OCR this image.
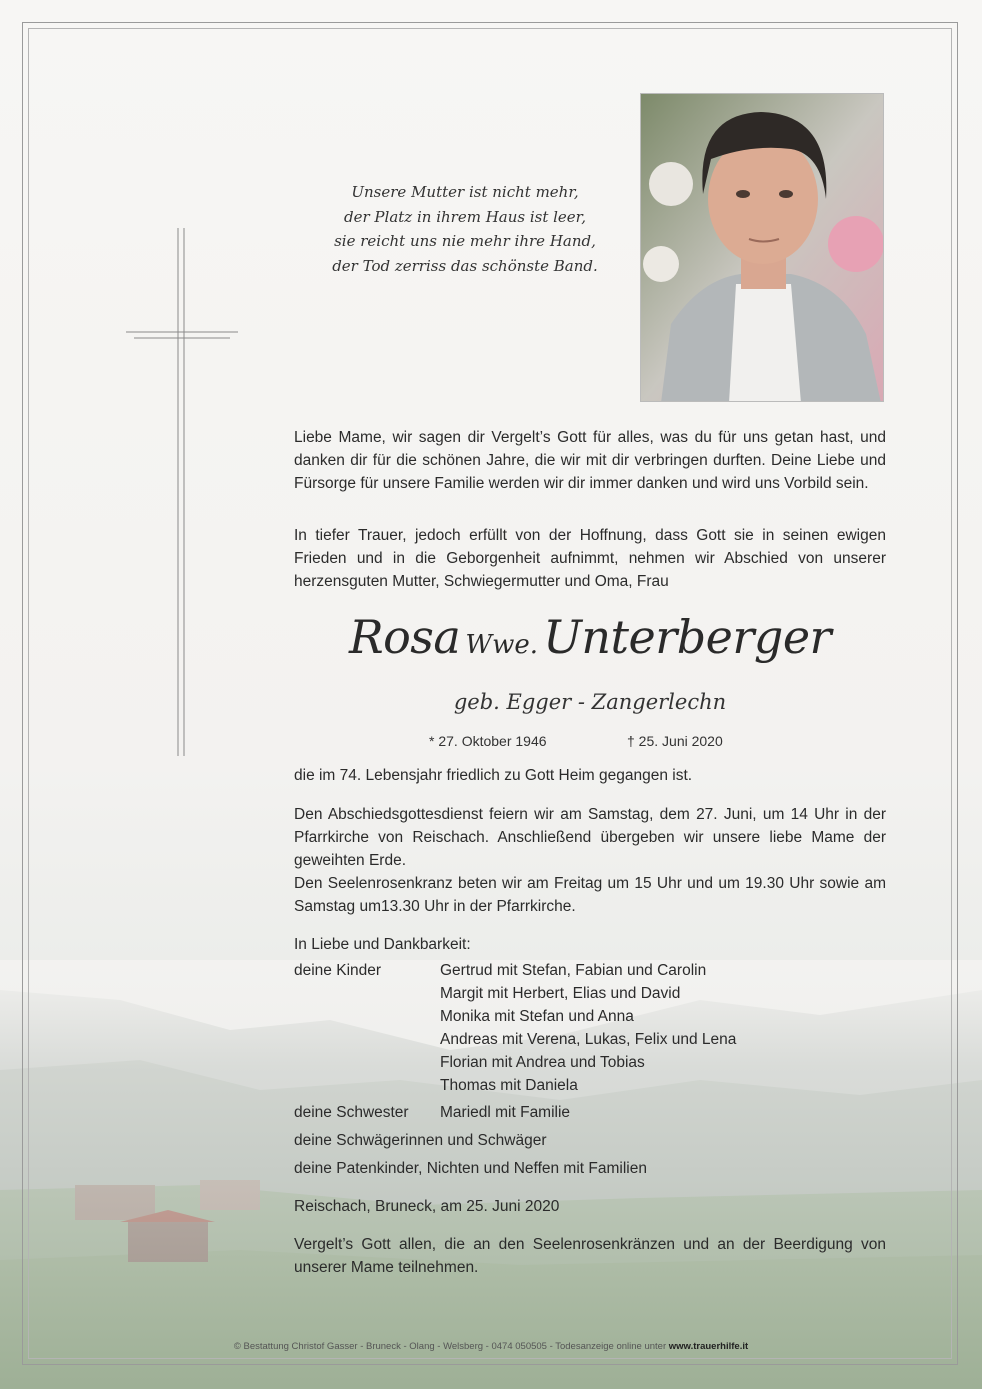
Unsere Mutter ist nicht mehr,
der Platz in ihrem Haus ist leer,
sie reicht uns nie mehr ihre Hand,
der Tod zerriss das schönste Band.
Liebe Mame, wir sagen dir Vergelt’s Gott für alles, was du für uns getan hast, und danken dir für die schönen Jahre, die wir mit dir verbringen durften. Deine Liebe und Fürsorge für unsere Familie werden wir dir immer danken und wird uns Vorbild sein.
In tiefer Trauer, jedoch erfüllt von der Hoffnung, dass Gott sie in seinen ewigen Frieden und in die Geborgenheit aufnimmt, nehmen wir Abschied von unserer herzensguten Mutter, Schwiegermutter und Oma, Frau
Rosa Wwe. Unterberger
geb. Egger - Zangerlechn
* 27. Oktober 1946	† 25. Juni 2020
die im 74. Lebensjahr friedlich zu Gott Heim gegangen ist.
Den Abschiedsgottesdienst feiern wir am Samstag, dem 27. Juni, um 14 Uhr in der Pfarrkirche von Reischach. Anschließend übergeben wir unsere liebe Mame der geweihten Erde.
Den Seelenrosenkranz beten wir am Freitag um 15 Uhr und um 19.30 Uhr sowie am Samstag um13.30 Uhr in der Pfarrkirche.
In Liebe und Dankbarkeit:
deine Kinder	Gertrud mit Stefan, Fabian und Carolin
Margit mit Herbert, Elias und David
Monika mit Stefan und Anna
Andreas mit Verena, Lukas, Felix und Lena
Florian mit Andrea und Tobias
Thomas mit Daniela
deine Schwester Mariedl mit Familie
deine Schwägerinnen und Schwäger
deine Patenkinder, Nichten und Neffen mit Familien
Reischach, Bruneck, am 25. Juni 2020
Vergelt’s Gott allen, die an den Seelenrosenkränzen und an der Beerdigung von unserer Mame teilnehmen.
© Bestattung Christof Gasser - Bruneck - Olang - Welsberg - 0474 050505 - Todesanzeige online unter www.trauerhilfe.it
